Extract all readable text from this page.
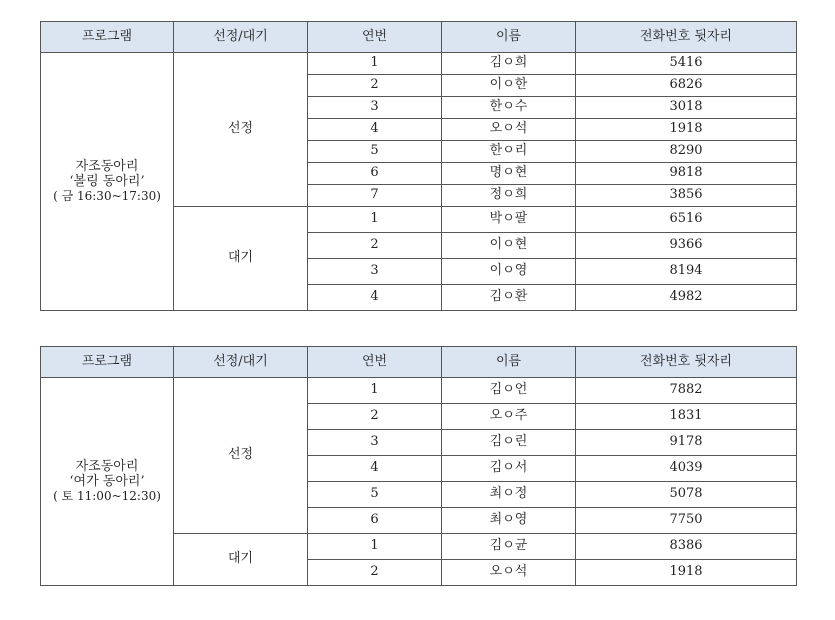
프로그램	선정/대기	연번	이름	전화번호 뒷자리

자조동아리
‘볼링 동아리’
( 금 16:30~17:30)	선정	1	김ㅇ희	5416
		2	이ㅇ한	6826
		3	한ㅇ수	3018
		4	오ㅇ석	1918
		5	한ㅇ리	8290
		6	명ㅇ현	9818
		7	정ㅇ희	3856
	대기	1	박ㅇ팔	6516
		2	이ㅇ현	9366
		3	이ㅇ영	8194
		4	김ㅇ환	4982
프로그램	선정/대기	연번	이름	전화번호 뒷자리

자조동아리
‘여가 동아리’
( 토 11:00~12:30)	선정	1	김ㅇ언	7882
		2	오ㅇ주	1831
		3	김ㅇ린	9178
		4	김ㅇ서	4039
		5	최ㅇ정	5078
		6	최ㅇ영	7750
	대기	1	김ㅇ균	8386
		2	오ㅇ석	1918
